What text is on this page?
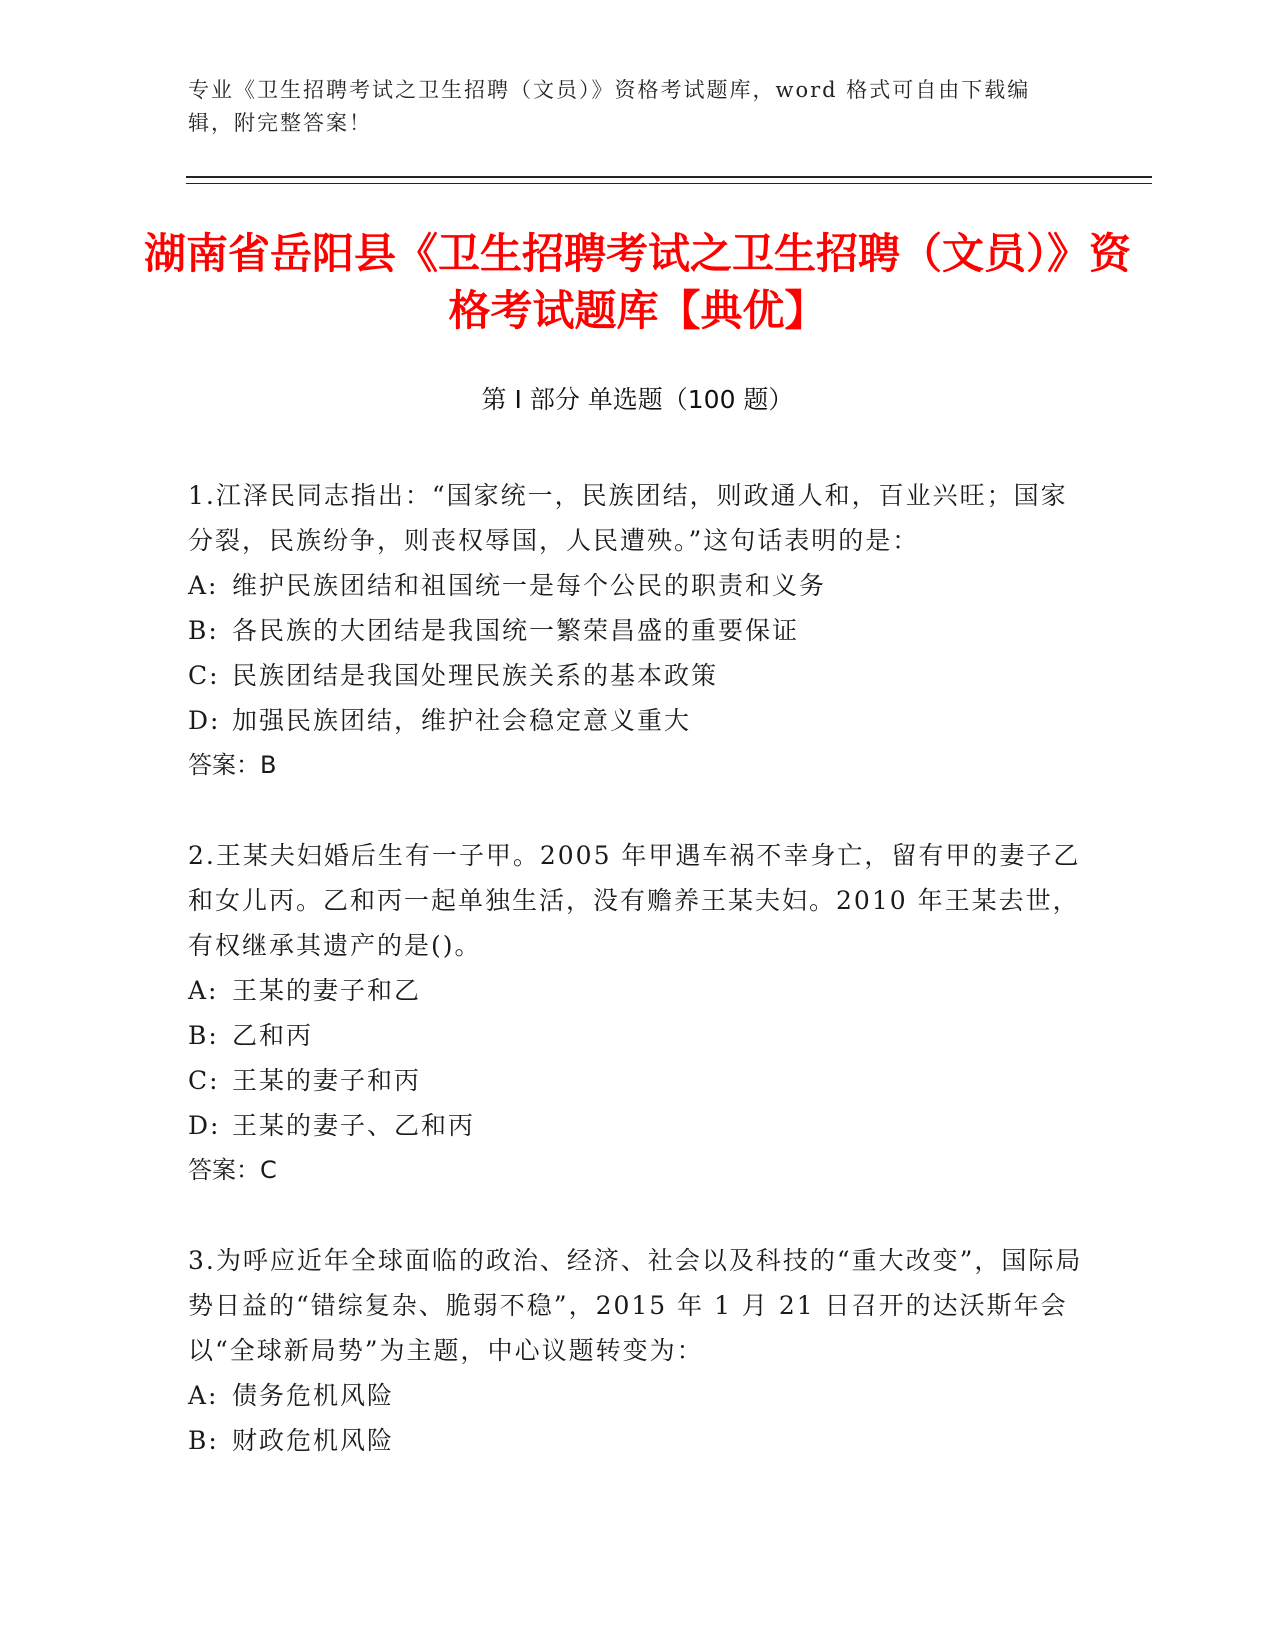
专业《卫生招聘考试之卫生招聘（文员）》资格考试题库，word 格式可自由下载编辑，附完整答案！
湖南省岳阳县《卫生招聘考试之卫生招聘（文员）》资格考试题库【典优】
第 I 部分 单选题（100 题）

1.江泽民同志指出：“国家统一，民族团结，则政通人和，百业兴旺；国家分裂，民族纷争，则丧权辱国，人民遭殃。”这句话表明的是：

A: 维护民族团结和祖国统一是每个公民的职责和义务

B: 各民族的大团结是我国统一繁荣昌盛的重要保证

C: 民族团结是我国处理民族关系的基本政策

D: 加强民族团结，维护社会稳定意义重大

答案：B

2.王某夫妇婚后生有一子甲。2005 年甲遇车祸不幸身亡，留有甲的妻子乙和女儿丙。乙和丙一起单独生活，没有赡养王某夫妇。2010 年王某去世，有权继承其遗产的是()。

A: 王某的妻子和乙

B: 乙和丙

C: 王某的妻子和丙

D: 王某的妻子、乙和丙

答案：C

3.为呼应近年全球面临的政治、经济、社会以及科技的“重大改变”，国际局势日益的“错综复杂、脆弱不稳”，2015 年 1 月 21 日召开的达沃斯年会以“全球新局势”为主题，中心议题转变为：

A: 债务危机风险

B: 财政危机风险
